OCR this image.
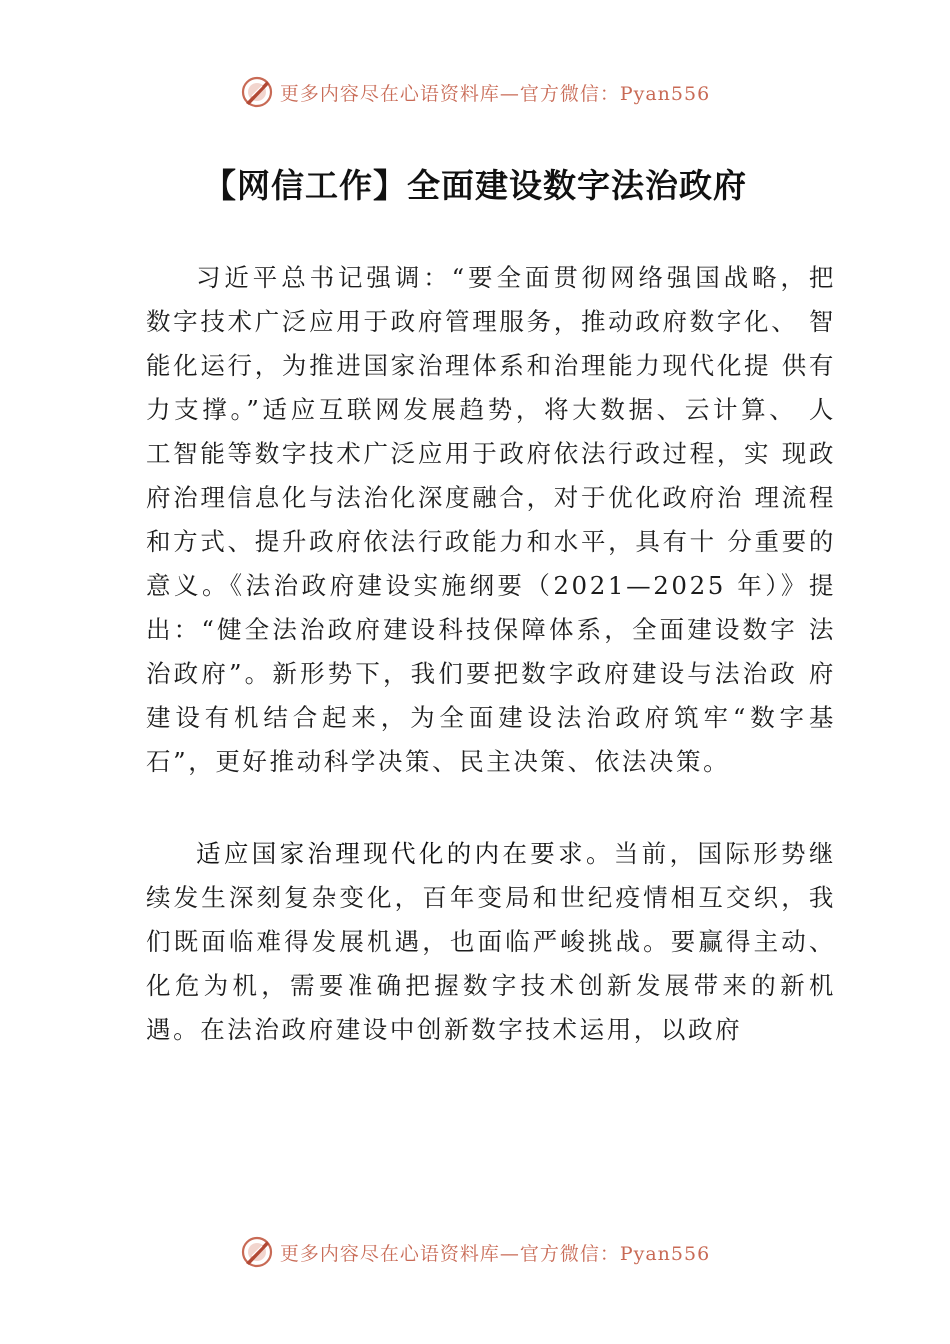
更多内容尽在心语资料库—官方微信：Pyan556
【网信工作】全面建设数字法治政府

习近平总书记强调：“要全面贯彻网络强国战略，把 数字技术广泛应用于政府管理服务，推动政府数字化、 智能化运行，为推进国家治理体系和治理能力现代化提 供有力支撑。”适应互联网发展趋势，将大数据、云计算、 人工智能等数字技术广泛应用于政府依法行政过程，实 现政府治理信息化与法治化深度融合，对于优化政府治 理流程和方式、提升政府依法行政能力和水平，具有十 分重要的意义。《法治政府建设实施纲要（2021—2025 年）》提出：“健全法治政府建设科技保障体系，全面建设数字 法治政府”。新形势下，我们要把数字政府建设与法治政 府建设有机结合起来，为全面建设法治政府筑牢“数字基石”，更好推动科学决策、民主决策、依法决策。

适应国家治理现代化的内在要求。当前，国际形势继续发生深刻复杂变化，百年变局和世纪疫情相互交织，我们既面临难得发展机遇，也面临严峻挑战。要赢得主动、化危为机，需要准确把握数字技术创新发展带来的新机遇。在法治政府建设中创新数字技术运用，以政府

更多内容尽在心语资料库—官方微信：Pyan556
